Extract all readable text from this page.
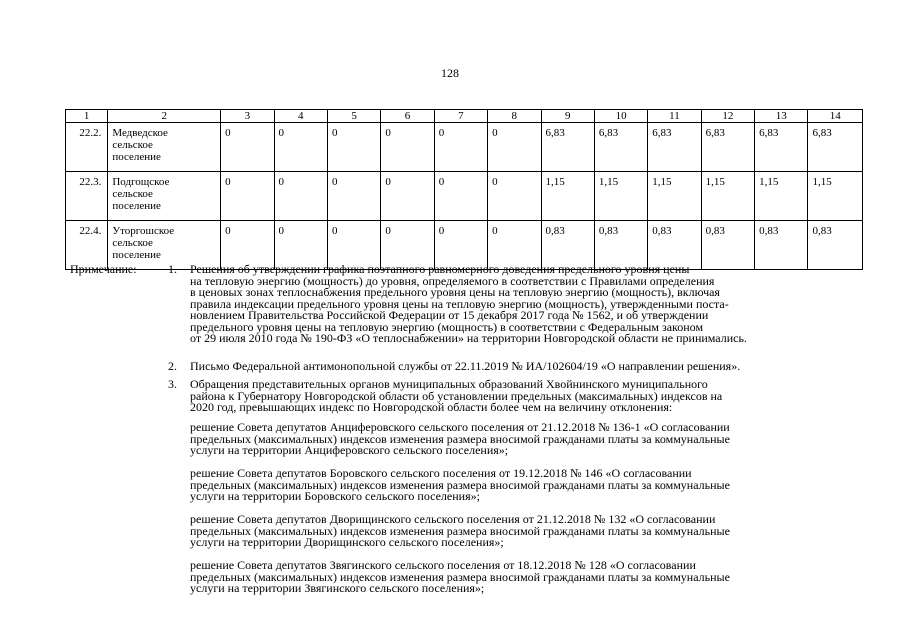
128
1	2	3	4	5	6	7	8	9	10	11	12	13	14
22.2.	Медведское
сельское
поселение	0	0	0	0	0	0	6,83	6,83	6,83	6,83	6,83	6,83
22.3.	Подгощское
сельское
поселение	0	0	0	0	0	0	1,15	1,15	1,15	1,15	1,15	1,15
22.4.	Уторгошское
сельское
поселение	0	0	0	0	0	0	0,83	0,83	0,83	0,83	0,83	0,83
Примечание:	1. Решения об утверждении графика поэтапного равномерного доведения предельного уровня цены
на тепловую энергию (мощность) до уровня, определяемого в соответствии с Правилами определения
в ценовых зонах теплоснабжения предельного уровня цены на тепловую энергию (мощность), включая
правила индексации предельного уровня цены на тепловую энергию (мощность), утвержденными поста-
новлением Правительства Российской Федерации от 15 декабря 2017 года № 1562, и об утверждении
предельного уровня цены на тепловую энергию (мощность) в соответствии с Федеральным законом
от 29 июля 2010 года № 190-ФЗ «О теплоснабжении» на территории Новгородской области не принимались.
2. Письмо Федеральной антимонопольной службы от 22.11.2019 № ИА/102604/19 «О направлении решения».
3. Обращения представительных органов муниципальных образований Хвойнинского муниципального
района к Губернатору Новгородской области об установлении предельных (максимальных) индексов на
2020 год, превышающих индекс по Новгородской области более чем на величину отклонения:
решение Совета депутатов Анциферовского сельского поселения от 21.12.2018 № 136-1 «О согласовании
предельных (максимальных) индексов изменения размера вносимой гражданами платы за коммунальные
услуги на территории Анциферовского сельского поселения»;
решение Совета депутатов Боровского сельского поселения от 19.12.2018 № 146 «О согласовании
предельных (максимальных) индексов изменения размера вносимой гражданами платы за коммунальные
услуги на территории Боровского сельского поселения»;
решение Совета депутатов Дворищинского сельского поселения от 21.12.2018 № 132 «О согласовании
предельных (максимальных) индексов изменения размера вносимой гражданами платы за коммунальные
услуги на территории Дворищинского сельского поселения»;
решение Совета депутатов Звягинского сельского поселения от 18.12.2018 № 128 «О согласовании
предельных (максимальных) индексов изменения размера вносимой гражданами платы за коммунальные
услуги на территории Звягинского сельского поселения»;
